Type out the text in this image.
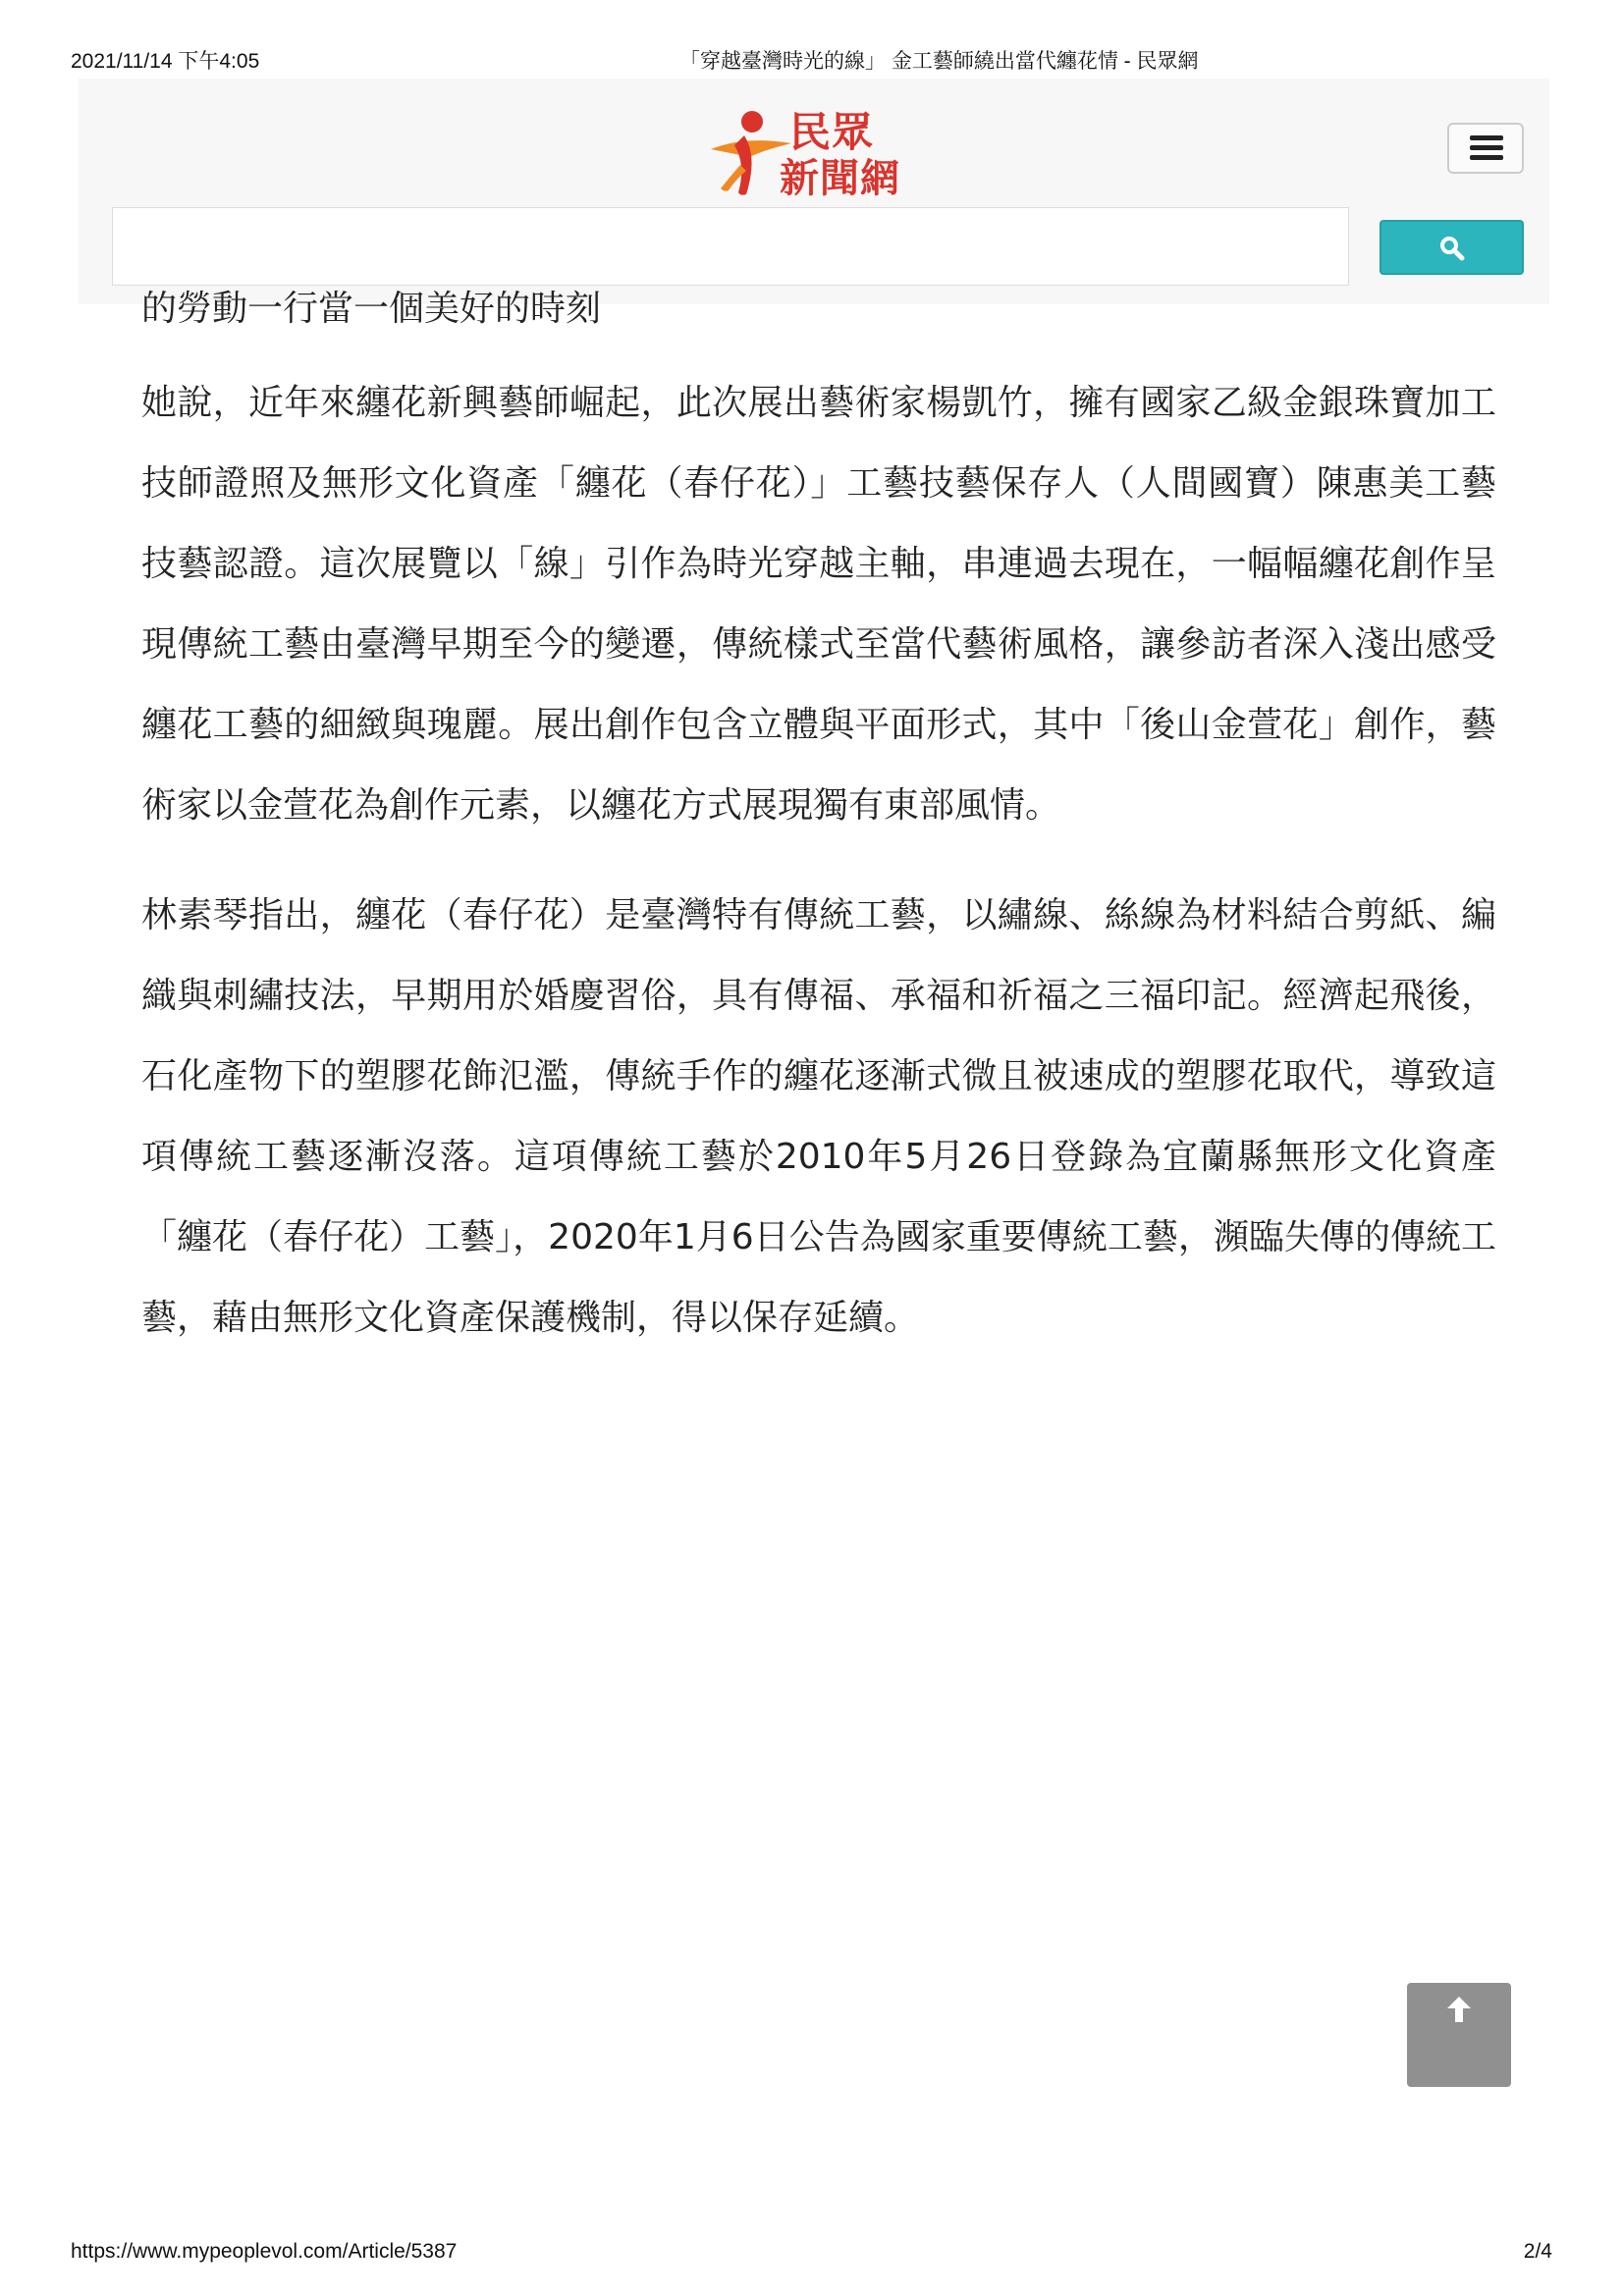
2021/11/14 下午4:05	「穿越臺灣時光的線」 金工藝師繞出當代纏花情 - 民眾網
民眾
新聞網
的勞動一行當一個美好的時刻

她說，近年來纏花新興藝師崛起，此次展出藝術家楊凱竹，擁有國家乙級金銀珠寶加工技師證照及無形文化資產「纏花（春仔花）」工藝技藝保存人（人間國寶）陳惠美工藝技藝認證。這次展覽以「線」引作為時光穿越主軸，串連過去現在，一幅幅纏花創作呈現傳統工藝由臺灣早期至今的變遷，傳統樣式至當代藝術風格，讓參訪者深入淺出感受纏花工藝的細緻與瑰麗。展出創作包含立體與平面形式，其中「後山金萱花」創作，藝術家以金萱花為創作元素，以纏花方式展現獨有東部風情。

林素琴指出，纏花（春仔花）是臺灣特有傳統工藝，以繡線、絲線為材料結合剪紙、編織與刺繡技法，早期用於婚慶習俗，具有傳福、承福和祈福之三福印記。經濟起飛後，石化產物下的塑膠花飾氾濫，傳統手作的纏花逐漸式微且被速成的塑膠花取代，導致這項傳統工藝逐漸沒落。這項傳統工藝於2010年5月26日登錄為宜蘭縣無形文化資產「纏花（春仔花）工藝」，2020年1月6日公告為國家重要傳統工藝，瀕臨失傳的傳統工藝，藉由無形文化資產保護機制，得以保存延續。

https://www.mypeoplevol.com/Article/5387	2/4
